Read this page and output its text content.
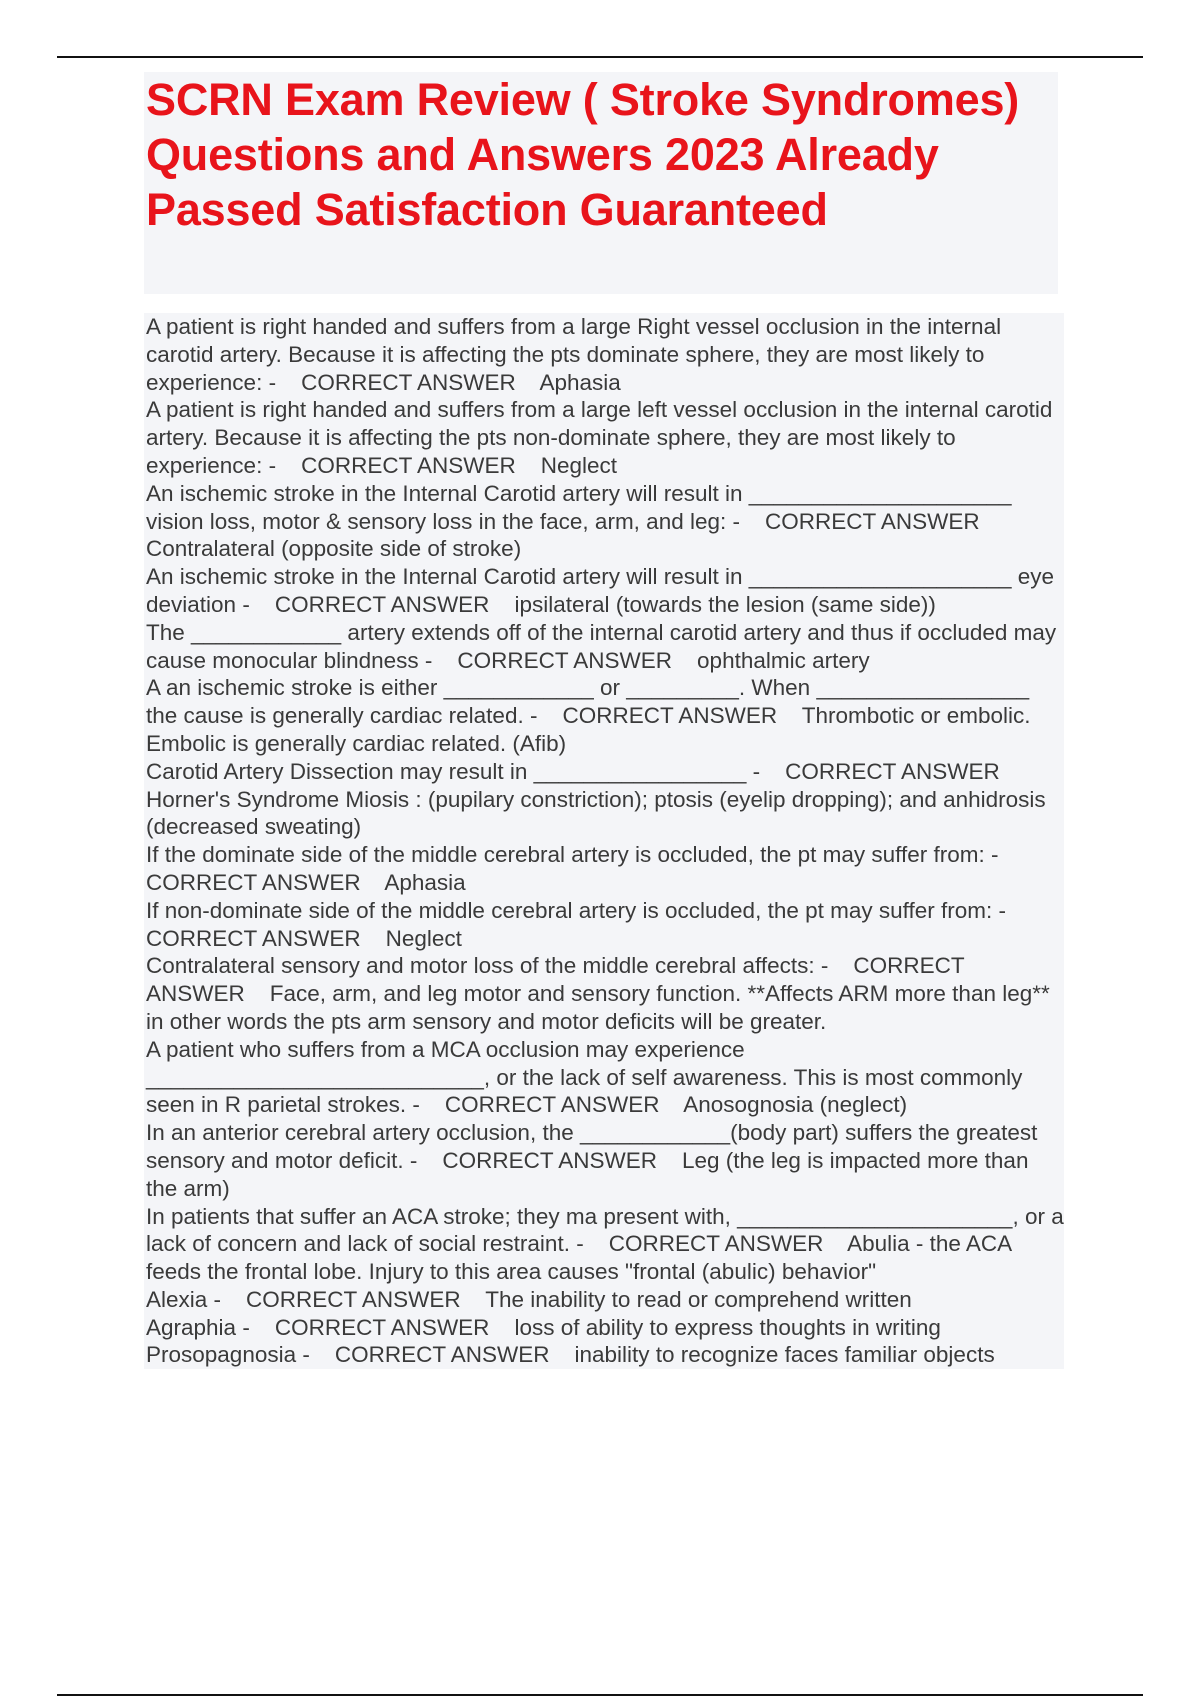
SCRN Exam Review ( Stroke Syndromes) Questions and Answers 2023 Already Passed Satisfaction Guaranteed

A patient is right handed and suffers from a large Right vessel occlusion in the internal carotid artery. Because it is affecting the pts dominate sphere, they are most likely to experience: - CORRECT ANSWER Aphasia

A patient is right handed and suffers from a large left vessel occlusion in the internal carotid artery. Because it is affecting the pts non-dominate sphere, they are most likely to experience: - CORRECT ANSWER Neglect

An ischemic stroke in the Internal Carotid artery will result in _____________________ vision loss, motor & sensory loss in the face, arm, and leg: - CORRECT ANSWER    Contralateral (opposite side of stroke)

An ischemic stroke in the Internal Carotid artery will result in _____________________ eye deviation - CORRECT ANSWER ipsilateral (towards the lesion (same side))

The ____________ artery extends off of the internal carotid artery and thus if occluded may cause monocular blindness - CORRECT ANSWER ophthalmic artery

A an ischemic stroke is either ____________ or _________. When _________________ the cause is generally cardiac related. - CORRECT ANSWER Thrombotic or embolic. Embolic is generally cardiac related. (Afib)

Carotid Artery Dissection may result in _________________ - CORRECT ANSWER    Horner's Syndrome Miosis : (pupilary constriction); ptosis (eyelip dropping); and anhidrosis (decreased sweating)

If the dominate side of the middle cerebral artery is occluded, the pt may suffer from: -    CORRECT ANSWER Aphasia

If non-dominate side of the middle cerebral artery is occluded, the pt may suffer from: -    CORRECT ANSWER Neglect

Contralateral sensory and motor loss of the middle cerebral affects: - CORRECT ANSWER Face, arm, and leg motor and sensory function. **Affects ARM more than leg** in other words the pts arm sensory and motor deficits will be greater.

A patient who suffers from a MCA occlusion may experience ___________________________, or the lack of self awareness. This is most commonly seen in R parietal strokes. - CORRECT ANSWER Anosognosia (neglect)

In an anterior cerebral artery occlusion, the ____________(body part) suffers the greatest sensory and motor deficit. - CORRECT ANSWER Leg (the leg is impacted more than the arm)

In patients that suffer an ACA stroke; they ma present with, ______________________, or a lack of concern and lack of social restraint. - CORRECT ANSWER Abulia - the ACA feeds the frontal lobe. Injury to this area causes "frontal (abulic) behavior"

Alexia - CORRECT ANSWER The inability to read or comprehend written

Agraphia - CORRECT ANSWER loss of ability to express thoughts in writing

Prosopagnosia - CORRECT ANSWER inability to recognize faces familiar objects
